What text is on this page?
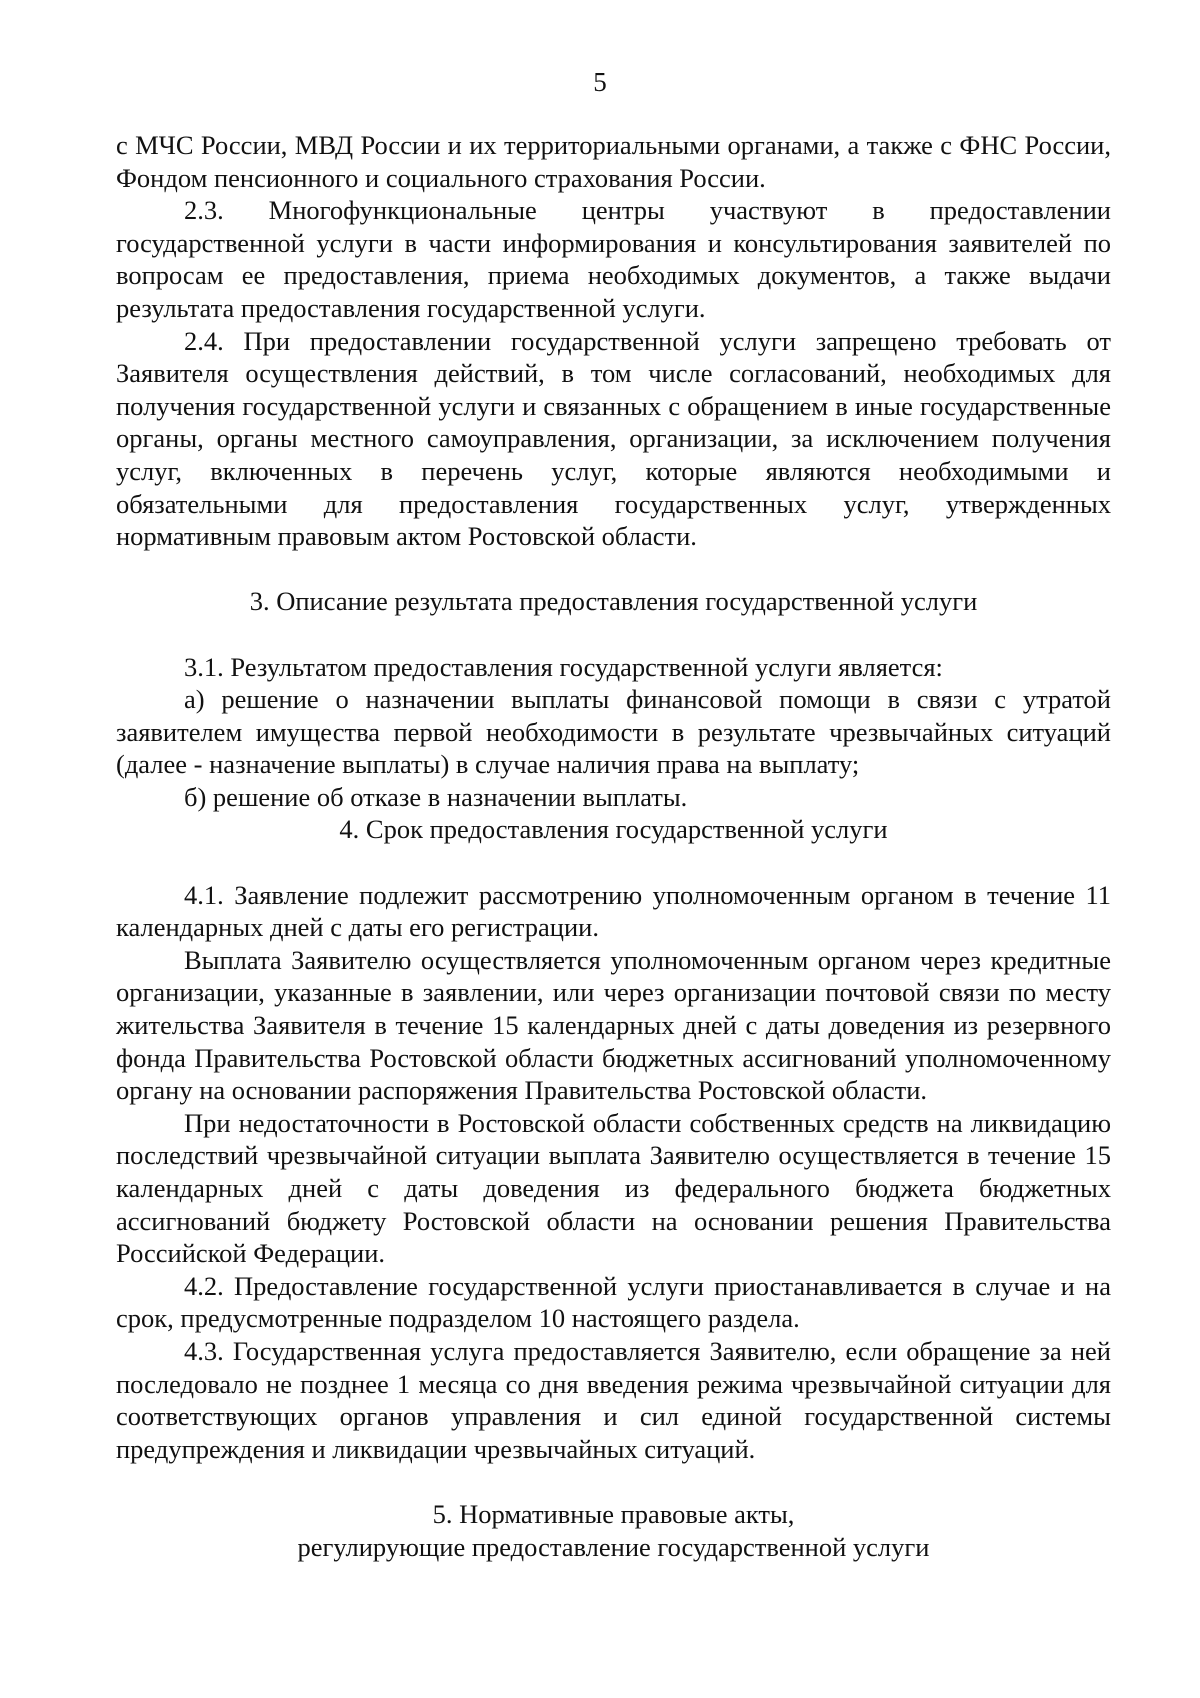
5

с МЧС России, МВД России и их территориальными органами, а также с ФНС России, Фондом пенсионного и социального страхования России.

2.3. Многофункциональные центры участвуют в предоставлении государственной услуги в части информирования и консультирования заявителей по вопросам ее предоставления, приема необходимых документов, а также выдачи результата предоставления государственной услуги.

2.4. При предоставлении государственной услуги запрещено требовать от Заявителя осуществления действий, в том числе согласований, необходимых для получения государственной услуги и связанных с обращением в иные государственные органы, органы местного самоуправления, организации, за исключением получения услуг, включенных в перечень услуг, которые являются необходимыми и обязательными для предоставления государственных услуг, утвержденных нормативным правовым актом Ростовской области.

3. Описание результата предоставления государственной услуги

3.1. Результатом предоставления государственной услуги является:

а) решение о назначении выплаты финансовой помощи в связи с утратой заявителем имущества первой необходимости в результате чрезвычайных ситуаций (далее - назначение выплаты) в случае наличия права на выплату;

б) решение об отказе в назначении выплаты.

4. Срок предоставления государственной услуги

4.1. Заявление подлежит рассмотрению уполномоченным органом в течение 11 календарных дней с даты его регистрации.

Выплата Заявителю осуществляется уполномоченным органом через кредитные организации, указанные в заявлении, или через организации почтовой связи по месту жительства Заявителя в течение 15 календарных дней с даты доведения из резервного фонда Правительства Ростовской области бюджетных ассигнований уполномоченному органу на основании распоряжения Правительства Ростовской области.

При недостаточности в Ростовской области собственных средств на ликвидацию последствий чрезвычайной ситуации выплата Заявителю осуществляется в течение 15 календарных дней с даты доведения из федерального бюджета бюджетных ассигнований бюджету Ростовской области на основании решения Правительства Российской Федерации.

4.2. Предоставление государственной услуги приостанавливается в случае и на срок, предусмотренные подразделом 10 настоящего раздела.

4.3. Государственная услуга предоставляется Заявителю, если обращение за ней последовало не позднее 1 месяца со дня введения режима чрезвычайной ситуации для соответствующих органов управления и сил единой государственной системы предупреждения и ликвидации чрезвычайных ситуаций.

5. Нормативные правовые акты,
регулирующие предоставление государственной услуги
